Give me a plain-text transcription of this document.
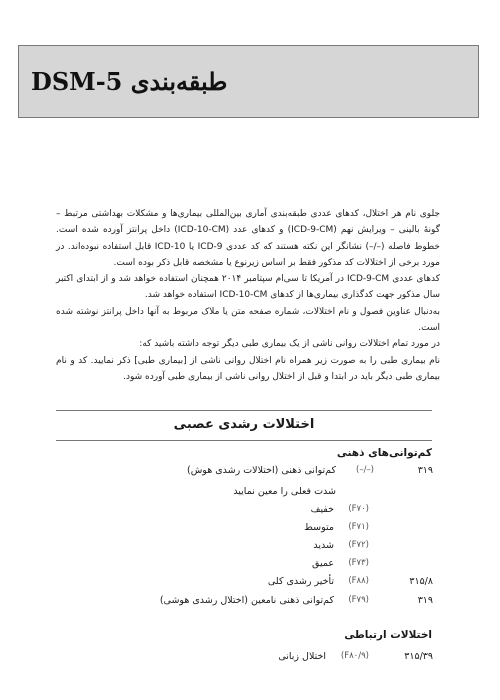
طبقه‌بندی DSM-5

جلوی نام هر اختلال، کدهای عددی طبقه‌بندی آماری بین‌المللی بیماری‌ها و مشکلات بهداشتی مرتبط – گونهٔ بالینی – ویرایش نهم (ICD-9-CM) و کدهای عدد (ICD-10-CM) داخل پرانتز آورده شده است. خطوط فاصله (–/–) نشانگر این نکته هستند که کد عددی ICD-9 یا ICD-10 قابل استفاده نبوده‌اند. در مورد برخی از اختلالات کد مذکور فقط بر اساس زیرنوع یا مشخصه قابل ذکر بوده است.

کدهای عددی ICD-9-CM در آمریکا تا سی‌ام سپتامبر ۲۰۱۴ همچنان استفاده خواهد شد و از ابتدای اکتبر سال مذکور جهت کدگذاری بیماری‌ها از کدهای ICD-10-CM استفاده خواهد شد.

به‌دنبال عناوین فصول و نام اختلالات، شماره صفحه متن یا ملاک مربوط به آنها داخل پرانتز نوشته شده است.

در مورد تمام اختلالات روانی ناشی از یک بیماری طبی دیگر توجه داشته باشید که:

نام بیماری طبی را به صورت زیر همراه نام اختلال روانی ناشی از [بیماری طبی] ذکر نمایید. کد و نام بیماری طبی دیگر باید در ابتدا و قبل از اختلال روانی ناشی از بیماری طبی آورده شود.

اختلالات رشدی عصبی
کم‌توانی‌های ذهنی
۳۱۹
(–/–)
کم‌توانی ذهنی (اختلالات رشدی هوش)
شدت فعلی را معین نمایید
(F۷۰)
خفیف
(F۷۱)
متوسط
(F۷۲)
شدید
(F۷۳)
عمیق
۳۱۵/۸
(F۸۸)
تأخیر رشدی کلی
۳۱۹
(F۷۹)
کم‌توانی ذهنی نامعین (اختلال رشدی هوشی)
اختلالات ارتباطی
۳۱۵/۳۹
(F۸۰/۹)
اختلال زبانی
